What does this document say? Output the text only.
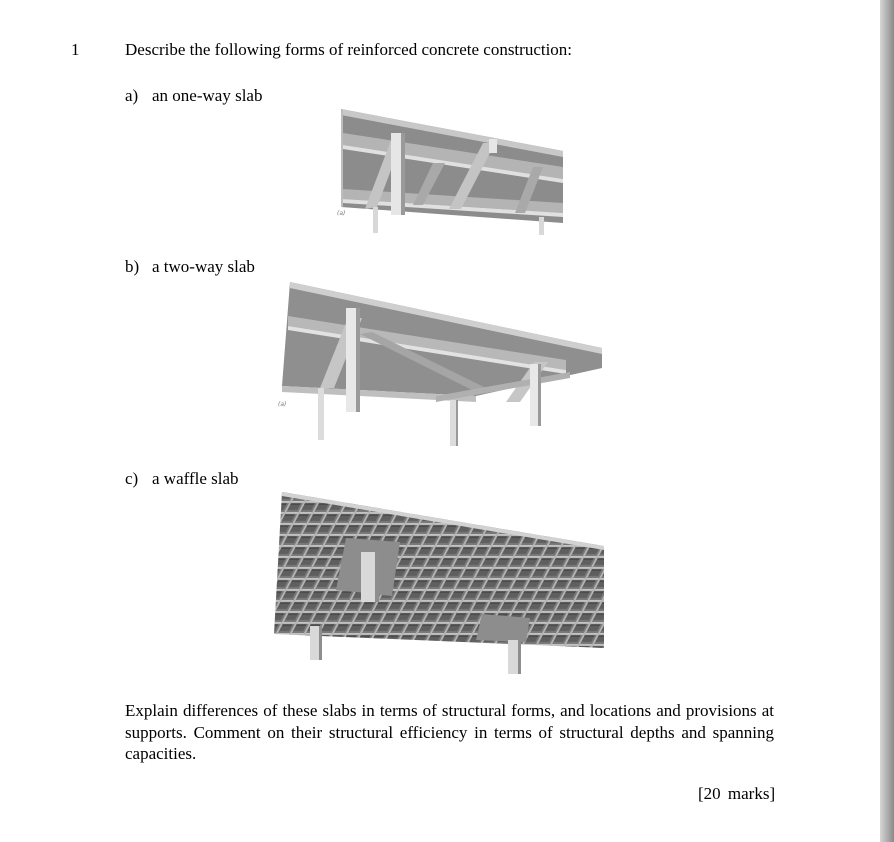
1	Describe the following forms of reinforced concrete construction:
a) an one-way slab
(a)
b) a two-way slab
(a)
c) a waffle slab
Explain differences of these slabs in terms of structural forms, and locations and provisions at supports. Comment on their structural efficiency in terms of structural depths and spanning capacities.
[20 marks]
